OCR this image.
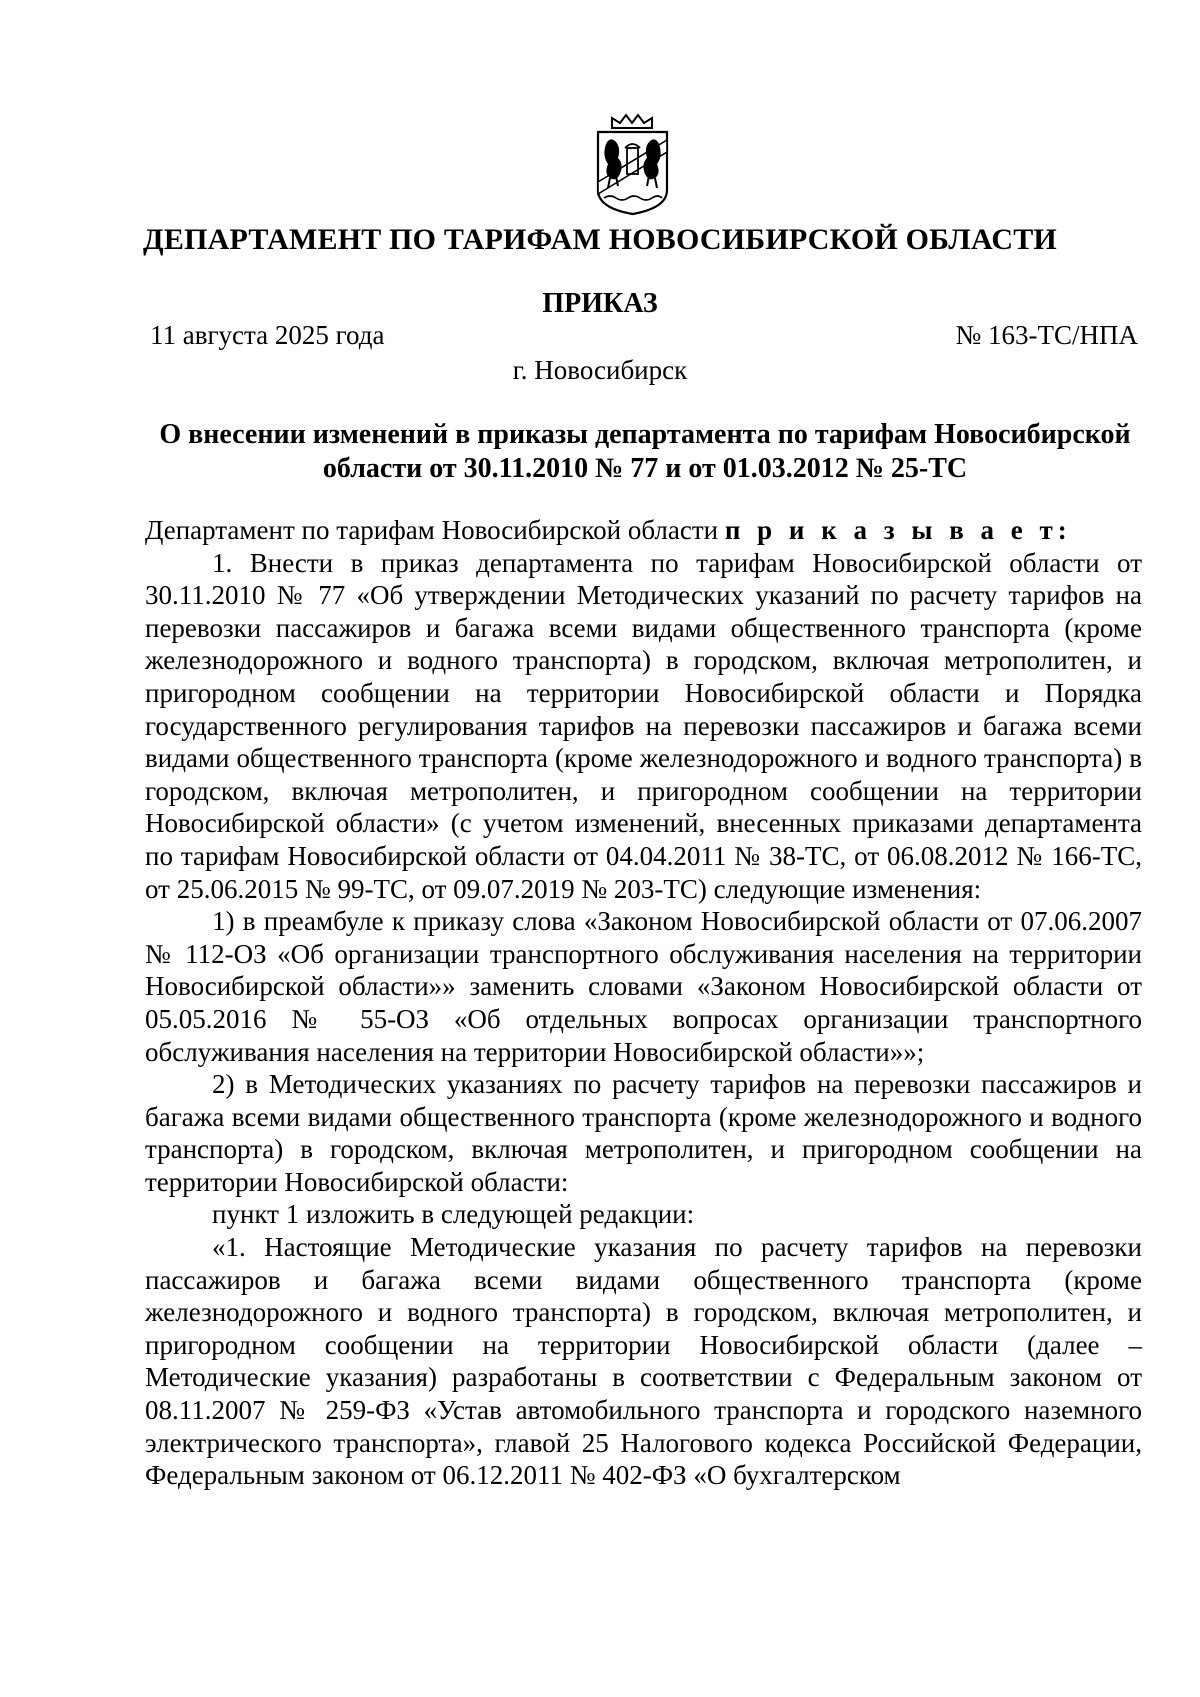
ДЕПАРТАМЕНТ ПО ТАРИФАМ НОВОСИБИРСКОЙ ОБЛАСТИ
ПРИКАЗ
11 августа 2025 года	№ 163-ТС/НПА
г. Новосибирск
О внесении изменений в приказы департамента по тарифам Новосибирской
области от 30.11.2010 № 77 и от 01.03.2012 № 25-ТС

Департамент по тарифам Новосибирской области п р и к а з ы в а е т:

1. Внести в приказ департамента по тарифам Новосибирской области от 30.11.2010 № 77 «Об утверждении Методических указаний по расчету тарифов на перевозки пассажиров и багажа всеми видами общественного транспорта (кроме железнодорожного и водного транспорта) в городском, включая метрополитен, и пригородном сообщении на территории Новосибирской области и Порядка государственного регулирования тарифов на перевозки пассажиров и багажа всеми видами общественного транспорта (кроме железнодорожного и водного транспорта) в городском, включая метрополитен, и пригородном сообщении на территории Новосибирской области» (с учетом изменений, внесенных приказами департамента по тарифам Новосибирской области от 04.04.2011 № 38-ТС, от 06.08.2012 № 166-ТС, от 25.06.2015 № 99-ТС, от 09.07.2019 № 203-ТС) следующие изменения:

1) в преамбуле к приказу слова «Законом Новосибирской области от 07.06.2007 № 112-ОЗ «Об организации транспортного обслуживания населения на территории Новосибирской области»» заменить словами «Законом Новосибирской области от 05.05.2016 № 55-ОЗ «Об отдельных вопросах организации транспортного обслуживания населения на территории Новосибирской области»»;

2) в Методических указаниях по расчету тарифов на перевозки пассажиров и багажа всеми видами общественного транспорта (кроме железнодорожного и водного транспорта) в городском, включая метрополитен, и пригородном сообщении на территории Новосибирской области:

пункт 1 изложить в следующей редакции:

«1. Настоящие Методические указания по расчету тарифов на перевозки пассажиров и багажа всеми видами общественного транспорта (кроме железнодорожного и водного транспорта) в городском, включая метрополитен, и пригородном сообщении на территории Новосибирской области (далее – Методические указания) разработаны в соответствии с Федеральным законом от 08.11.2007 № 259-ФЗ «Устав автомобильного транспорта и городского наземного электрического транспорта», главой 25 Налогового кодекса Российской Федерации, Федеральным законом от 06.12.2011 № 402-ФЗ «О бухгалтерском
